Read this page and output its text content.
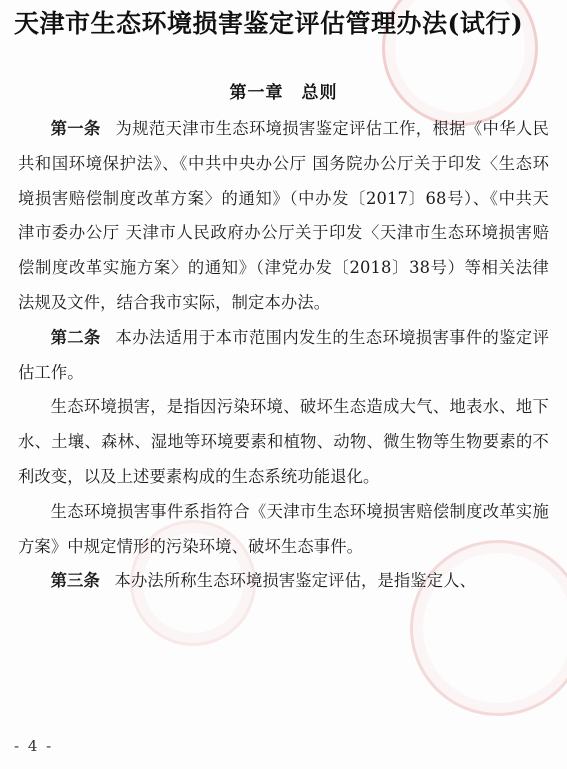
天津市生态环境损害鉴定评估管理办法(试行)
第一章 总则

第一条 为规范天津市生态环境损害鉴定评估工作，根据《中华人民共和国环境保护法》、《中共中央办公厅 国务院办公厅关于印发〈生态环境损害赔偿制度改革方案〉的通知》（中办发〔2017〕68号）、《中共天津市委办公厅 天津市人民政府办公厅关于印发〈天津市生态环境损害赔偿制度改革实施方案〉的通知》（津党办发〔2018〕38号）等相关法律法规及文件，结合我市实际，制定本办法。

第二条 本办法适用于本市范围内发生的生态环境损害事件的鉴定评估工作。

生态环境损害，是指因污染环境、破坏生态造成大气、地表水、地下水、土壤、森林、湿地等环境要素和植物、动物、微生物等生物要素的不利改变，以及上述要素构成的生态系统功能退化。

生态环境损害事件系指符合《天津市生态环境损害赔偿制度改革实施方案》中规定情形的污染环境、破坏生态事件。

第三条 本办法所称生态环境损害鉴定评估，是指鉴定人、

- 4 -
